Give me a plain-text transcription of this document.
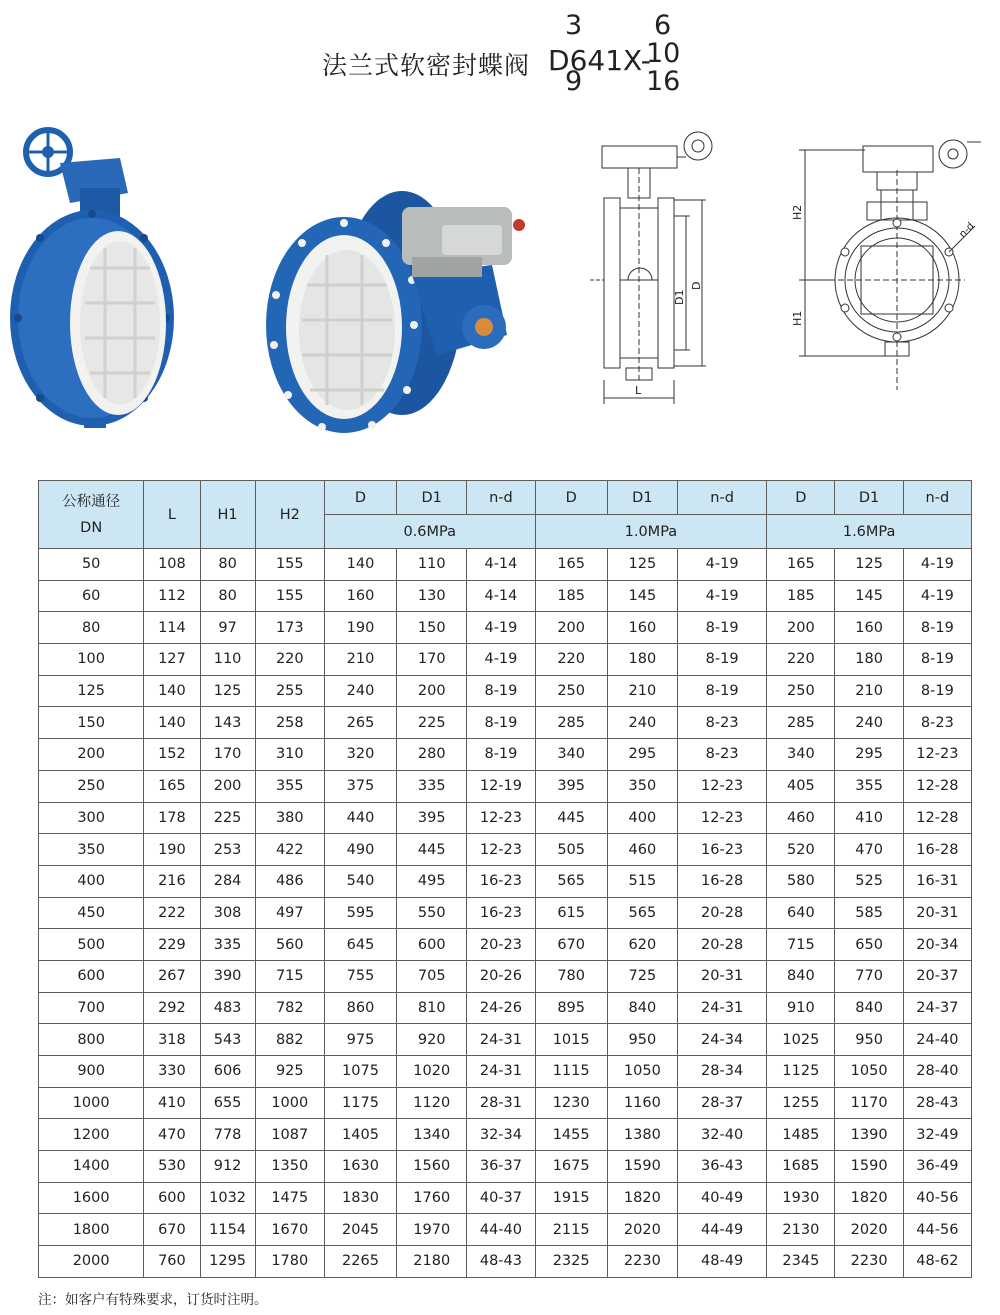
法兰式软密封蝶阀 D641X-
3
9
6
10
16
D1
D
L
H2
H1
n-d
公称通径
DN	L	H1	H2	D	D1	n-d	D	D1	n-d	D	D1	n-d
				0.6MPa			1.0MPa			1.6MPa		
50	108	80	155	140	110	4-14	165	125	4-19	165	125	4-19
60	112	80	155	160	130	4-14	185	145	4-19	185	145	4-19
80	114	97	173	190	150	4-19	200	160	8-19	200	160	8-19
100	127	110	220	210	170	4-19	220	180	8-19	220	180	8-19
125	140	125	255	240	200	8-19	250	210	8-19	250	210	8-19
150	140	143	258	265	225	8-19	285	240	8-23	285	240	8-23
200	152	170	310	320	280	8-19	340	295	8-23	340	295	12-23
250	165	200	355	375	335	12-19	395	350	12-23	405	355	12-28
300	178	225	380	440	395	12-23	445	400	12-23	460	410	12-28
350	190	253	422	490	445	12-23	505	460	16-23	520	470	16-28
400	216	284	486	540	495	16-23	565	515	16-28	580	525	16-31
450	222	308	497	595	550	16-23	615	565	20-28	640	585	20-31
500	229	335	560	645	600	20-23	670	620	20-28	715	650	20-34
600	267	390	715	755	705	20-26	780	725	20-31	840	770	20-37
700	292	483	782	860	810	24-26	895	840	24-31	910	840	24-37
800	318	543	882	975	920	24-31	1015	950	24-34	1025	950	24-40
900	330	606	925	1075	1020	24-31	1115	1050	28-34	1125	1050	28-40
1000	410	655	1000	1175	1120	28-31	1230	1160	28-37	1255	1170	28-43
1200	470	778	1087	1405	1340	32-34	1455	1380	32-40	1485	1390	32-49
1400	530	912	1350	1630	1560	36-37	1675	1590	36-43	1685	1590	36-49
1600	600	1032	1475	1830	1760	40-37	1915	1820	40-49	1930	1820	40-56
1800	670	1154	1670	2045	1970	44-40	2115	2020	44-49	2130	2020	44-56
2000	760	1295	1780	2265	2180	48-43	2325	2230	48-49	2345	2230	48-62
注：如客户有特殊要求，订货时注明。
